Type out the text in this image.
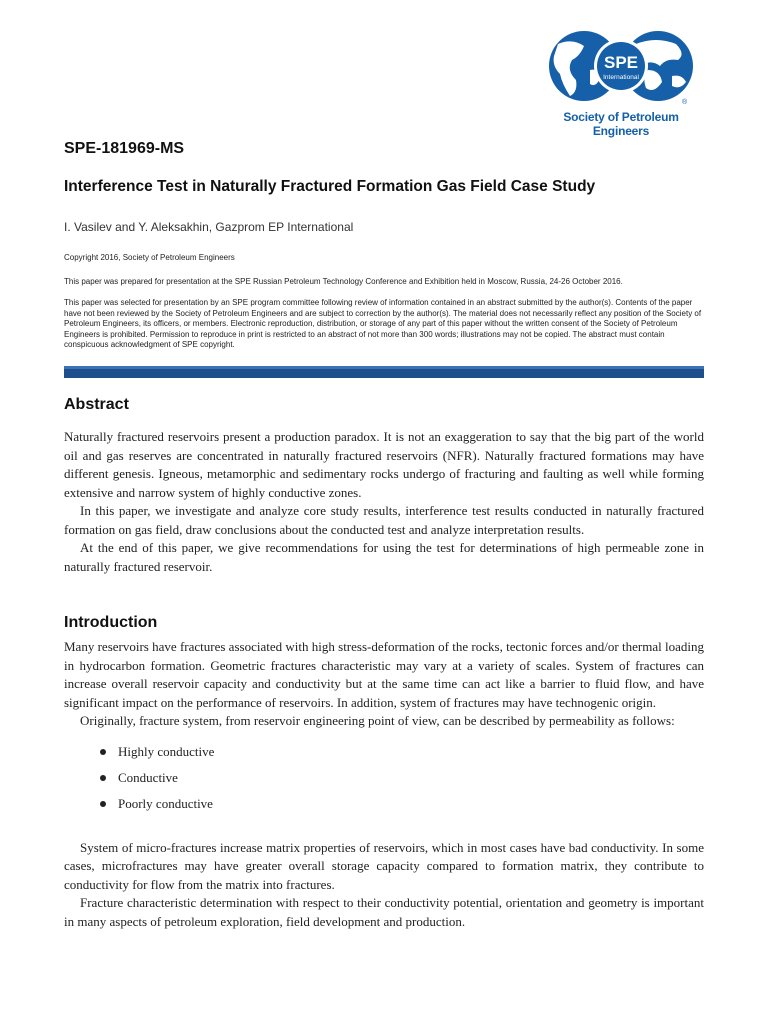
SPE
International
®
Society of Petroleum Engineers
SPE-181969-MS
Interference Test in Naturally Fractured Formation Gas Field Case Study
I. Vasilev and Y. Aleksakhin, Gazprom EP International
Copyright 2016, Society of Petroleum Engineers
This paper was prepared for presentation at the SPE Russian Petroleum Technology Conference and Exhibition held in Moscow, Russia, 24-26 October 2016.
This paper was selected for presentation by an SPE program committee following review of information contained in an abstract submitted by the author(s). Contents of the paper have not been reviewed by the Society of Petroleum Engineers and are subject to correction by the author(s). The material does not necessarily reflect any position of the Society of Petroleum Engineers, its officers, or members. Electronic reproduction, distribution, or storage of any part of this paper without the written consent of the Society of Petroleum Engineers is prohibited. Permission to reproduce in print is restricted to an abstract of not more than 300 words; illustrations may not be copied. The abstract must contain conspicuous acknowledgment of SPE copyright.
Abstract

Naturally fractured reservoirs present a production paradox. It is not an exaggeration to say that the big part of the world oil and gas reserves are concentrated in naturally fractured reservoirs (NFR). Naturally fractured formations may have different genesis. Igneous, metamorphic and sedimentary rocks undergo of fracturing and faulting as well while forming extensive and narrow system of highly conductive zones.

In this paper, we investigate and analyze core study results, interference test results conducted in naturally fractured formation on gas field, draw conclusions about the conducted test and analyze interpretation results.

At the end of this paper, we give recommendations for using the test for determinations of high permeable zone in naturally fractured reservoir.

Introduction

Many reservoirs have fractures associated with high stress-deformation of the rocks, tectonic forces and/or thermal loading in hydrocarbon formation. Geometric fractures characteristic may vary at a variety of scales. System of fractures can increase overall reservoir capacity and conductivity but at the same time can act like a barrier to fluid flow, and have significant impact on the performance of reservoirs. In addition, system of fractures may have technogenic origin.

Originally, fracture system, from reservoir engineering point of view, can be described by permeability as follows:

Highly conductive
Conductive
Poorly conductive

System of micro-fractures increase matrix properties of reservoirs, which in most cases have bad conductivity. In some cases, microfractures may have greater overall storage capacity compared to formation matrix, they contribute to conductivity for flow from the matrix into fractures.

Fracture characteristic determination with respect to their conductivity potential, orientation and geometry is important in many aspects of petroleum exploration, field development and production.
